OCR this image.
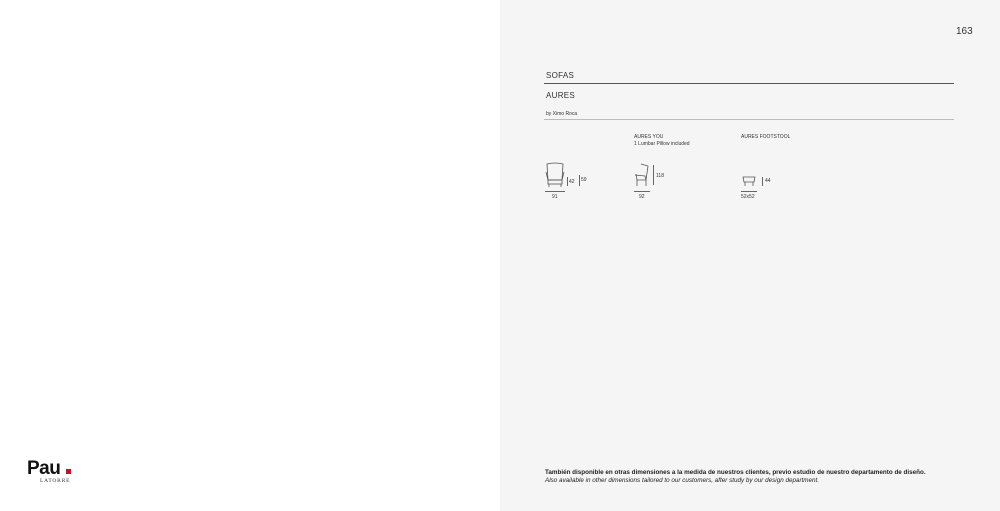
Pau
LATORRE
163
SOFAS
AURES
by Ximo Roca
AURES YOU
1 Lumbar Pillow included
AURES FOOTSTOOL
42 59
91
118
92
44
52x52
También disponible en otras dimensiones a la medida de nuestros clientes, previo estudio de nuestro departamento de diseño.
Also available in other dimensions tailored to our customers, after study by our design department.
